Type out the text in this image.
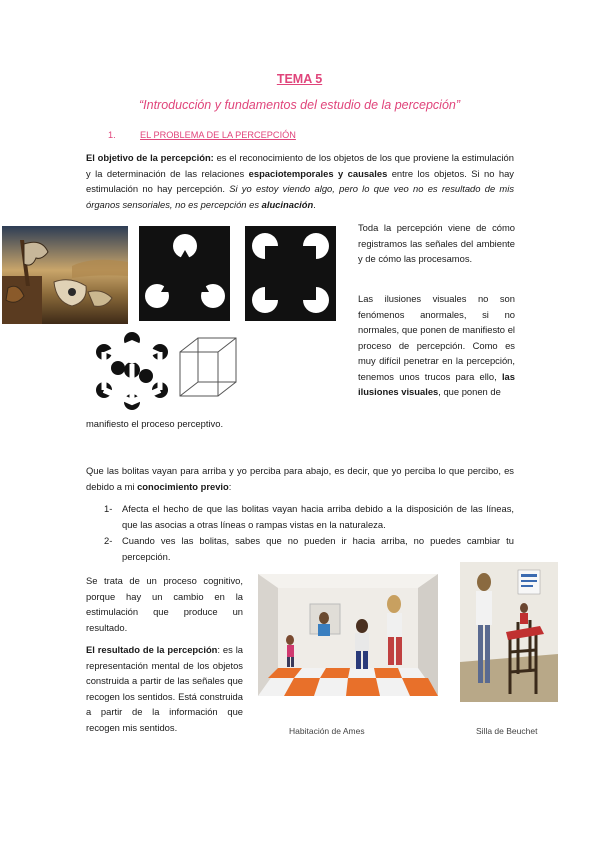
TEMA 5
“Introducción y fundamentos del estudio de la percepción”
1.	EL PROBLEMA DE LA PERCEPCIÓN
El objetivo de la percepción: es el reconocimiento de los objetos de los que proviene la estimulación y la determinación de las relaciones espaciotemporales y causales entre los objetos. Si no hay estimulación no hay percepción. Si yo estoy viendo algo, pero lo que veo no es resultado de mis órganos sensoriales, no es percepción es alucinación.
Toda la percepción viene de cómo registramos las señales del ambiente y de cómo las procesamos.
Las ilusiones visuales no son fenómenos anormales, si no normales, que ponen de manifiesto el proceso de percepción. Como es muy difícil penetrar en la percepción, tenemos unos trucos para ello, las ilusiones visuales, que ponen de
manifiesto el proceso perceptivo.
Que las bolitas vayan para arriba y yo perciba para abajo, es decir, que yo perciba lo que percibo, es debido a mi conocimiento previo:
1- Afecta el hecho de que las bolitas vayan hacia arriba debido a la disposición de las líneas, que las asocias a otras líneas o rampas vistas en la naturaleza.
2- Cuando ves las bolitas, sabes que no pueden ir hacia arriba, no puedes cambiar tu percepción.
Se trata de un proceso cognitivo, porque hay un cambio en la estimulación que produce un resultado.
El resultado de la percepción: es la representación mental de los objetos construida a partir de las señales que recogen los sentidos. Está construida a partir de la información que recogen mis sentidos.	Habitación de Ames	Silla de Beuchet
